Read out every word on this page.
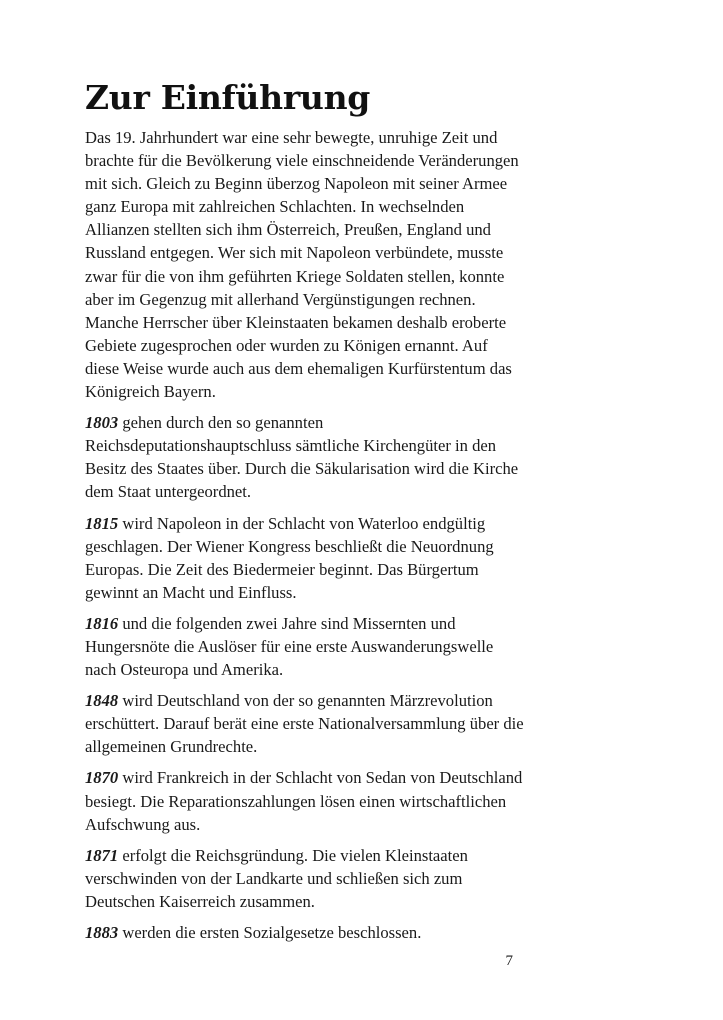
Zur Einführung

Das 19. Jahrhundert war eine sehr bewegte, unruhige Zeit und brachte für die Bevölkerung viele einschneidende Veränderungen mit sich. Gleich zu Beginn überzog Napoleon mit seiner Armee ganz Europa mit zahlreichen Schlachten. In wechselnden Allianzen stellten sich ihm Österreich, Preußen, England und Russland entgegen. Wer sich mit Napoleon verbündete, musste zwar für die von ihm geführten Kriege Soldaten stellen, konnte aber im Gegenzug mit allerhand Vergünstigungen rechnen. Manche Herrscher über Kleinstaaten bekamen deshalb eroberte Gebiete zugesprochen oder wurden zu Königen ernannt. Auf diese Weise wurde auch aus dem ehemaligen Kurfürstentum das Königreich Bayern.

1803 gehen durch den so genannten Reichsdeputationshauptschluss sämtliche Kirchengüter in den Besitz des Staates über. Durch die Säkularisation wird die Kirche dem Staat untergeordnet.

1815 wird Napoleon in der Schlacht von Waterloo endgültig geschlagen. Der Wiener Kongress beschließt die Neuordnung Europas. Die Zeit des Biedermeier beginnt. Das Bürgertum gewinnt an Macht und Einfluss.

1816 und die folgenden zwei Jahre sind Missernten und Hungersnöte die Auslöser für eine erste Auswanderungswelle nach Osteuropa und Amerika.

1848 wird Deutschland von der so genannten Märzrevolution erschüttert. Darauf berät eine erste Nationalversammlung über die allgemeinen Grundrechte.

1870 wird Frankreich in der Schlacht von Sedan von Deutschland besiegt. Die Reparationszahlungen lösen einen wirtschaftlichen Aufschwung aus.

1871 erfolgt die Reichsgründung. Die vielen Kleinstaaten verschwinden von der Landkarte und schließen sich zum Deutschen Kaiserreich zusammen.

1883 werden die ersten Sozialgesetze beschlossen.

7
